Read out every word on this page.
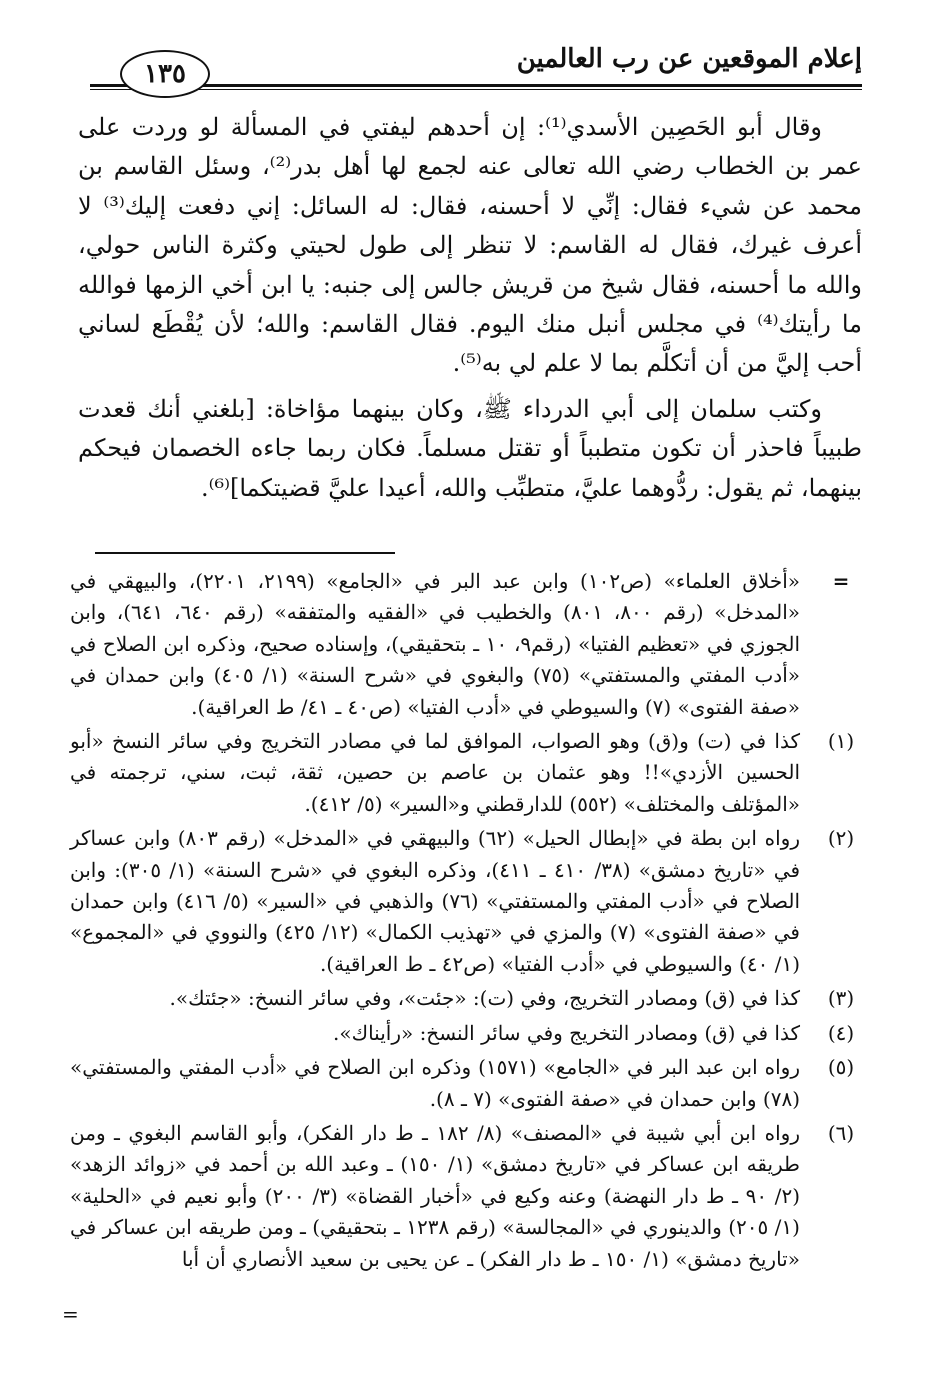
إعلام الموقعين عن رب العالمين
١٣٥

وقال أبو الحَصِين الأسدي⁽¹⁾: إن أحدهم ليفتي في المسألة لو وردت على عمر بن الخطاب رضي الله تعالى عنه لجمع لها أهل بدر⁽²⁾، وسئل القاسم بن محمد عن شيء فقال: إنِّي لا أحسنه، فقال: له السائل: إني دفعت إليك⁽³⁾ لا أعرف غيرك، فقال له القاسم: لا تنظر إلى طول لحيتي وكثرة الناس حولي، والله ما أحسنه، فقال شيخ من قريش جالس إلى جنبه: يا ابن أخي الزمها فوالله ما رأيتك⁽⁴⁾ في مجلس أنبل منك اليوم. فقال القاسم: والله؛ لأن يُقْطَع لساني أحب إليَّ من أن أتكلَّم بما لا علم لي به⁽⁵⁾.

وكتب سلمان إلى أبي الدرداء ﷺ، وكان بينهما مؤاخاة: [بلغني أنك قعدت طبيباً فاحذر أن تكون متطبباً أو تقتل مسلماً. فكان ربما جاءه الخصمان فيحكم بينهما، ثم يقول: ردُّوهما عليَّ، متطبِّب والله، أعيدا عليَّ قضيتكما]⁽⁶⁾.

=
«أخلاق العلماء» (ص١٠٢) وابن عبد البر في «الجامع» (٢١٩٩، ٢٢٠١)، والبيهقي في «المدخل» (رقم ٨٠٠، ٨٠١) والخطيب في «الفقيه والمتفقه» (رقم ٦٤٠، ٦٤١)، وابن الجوزي في «تعظيم الفتيا» (رقم٩، ١٠ ـ بتحقيقي)، وإسناده صحيح، وذكره ابن الصلاح في «أدب المفتي والمستفتي» (٧٥) والبغوي في «شرح السنة» (١/ ٤٠٥) وابن حمدان في «صفة الفتوى» (٧) والسيوطي في «أدب الفتيا» (ص٤٠ ـ ٤١/ ط العراقية).
(١)
كذا في (ت) و(ق) وهو الصواب، الموافق لما في مصادر التخريج وفي سائر النسخ «أبو الحسين الأزدي»!! وهو عثمان بن عاصم بن حصين، ثقة، ثبت، سني، ترجمته في «المؤتلف والمختلف» (٥٥٢) للدارقطني و«السير» (٥/ ٤١٢).
(٢)
رواه ابن بطة في «إبطال الحيل» (٦٢) والبيهقي في «المدخل» (رقم ٨٠٣) وابن عساكر في «تاريخ دمشق» (٣٨/ ٤١٠ ـ ٤١١)، وذكره البغوي في «شرح السنة» (١/ ٣٠٥): وابن الصلاح في «أدب المفتي والمستفتي» (٧٦) والذهبي في «السير» (٥/ ٤١٦) وابن حمدان في «صفة الفتوى» (٧) والمزي في «تهذيب الكمال» (١٢/ ٤٢٥) والنووي في «المجموع» (١/ ٤٠) والسيوطي في «أدب الفتيا» (ص٤٢ ـ ط العراقية).
(٣)
كذا في (ق) ومصادر التخريج، وفي (ت): «جئت»، وفي سائر النسخ: «جئتك».
(٤)
كذا في (ق) ومصادر التخريج وفي سائر النسخ: «رأيناك».
(٥)
رواه ابن عبد البر في «الجامع» (١٥٧١) وذكره ابن الصلاح في «أدب المفتي والمستفتي» (٧٨) وابن حمدان في «صفة الفتوى» (٧ ـ ٨).
(٦)
رواه ابن أبي شيبة في «المصنف» (٨/ ١٨٢ ـ ط دار الفكر)، وأبو القاسم البغوي ـ ومن طريقه ابن عساكر في «تاريخ دمشق» (١/ ١٥٠) ـ وعبد الله بن أحمد في «زوائد الزهد» (٢/ ٩٠ ـ ط دار النهضة) وعنه وكيع في «أخبار القضاة» (٣/ ٢٠٠) وأبو نعيم في «الحلية» (١/ ٢٠٥) والدينوري في «المجالسة» (رقم ١٢٣٨ ـ بتحقيقي) ـ ومن طريقه ابن عساكر في «تاريخ دمشق» (١/ ١٥٠ ـ ط دار الفكر) ـ عن يحيى بن سعيد الأنصاري أن أبا
=
